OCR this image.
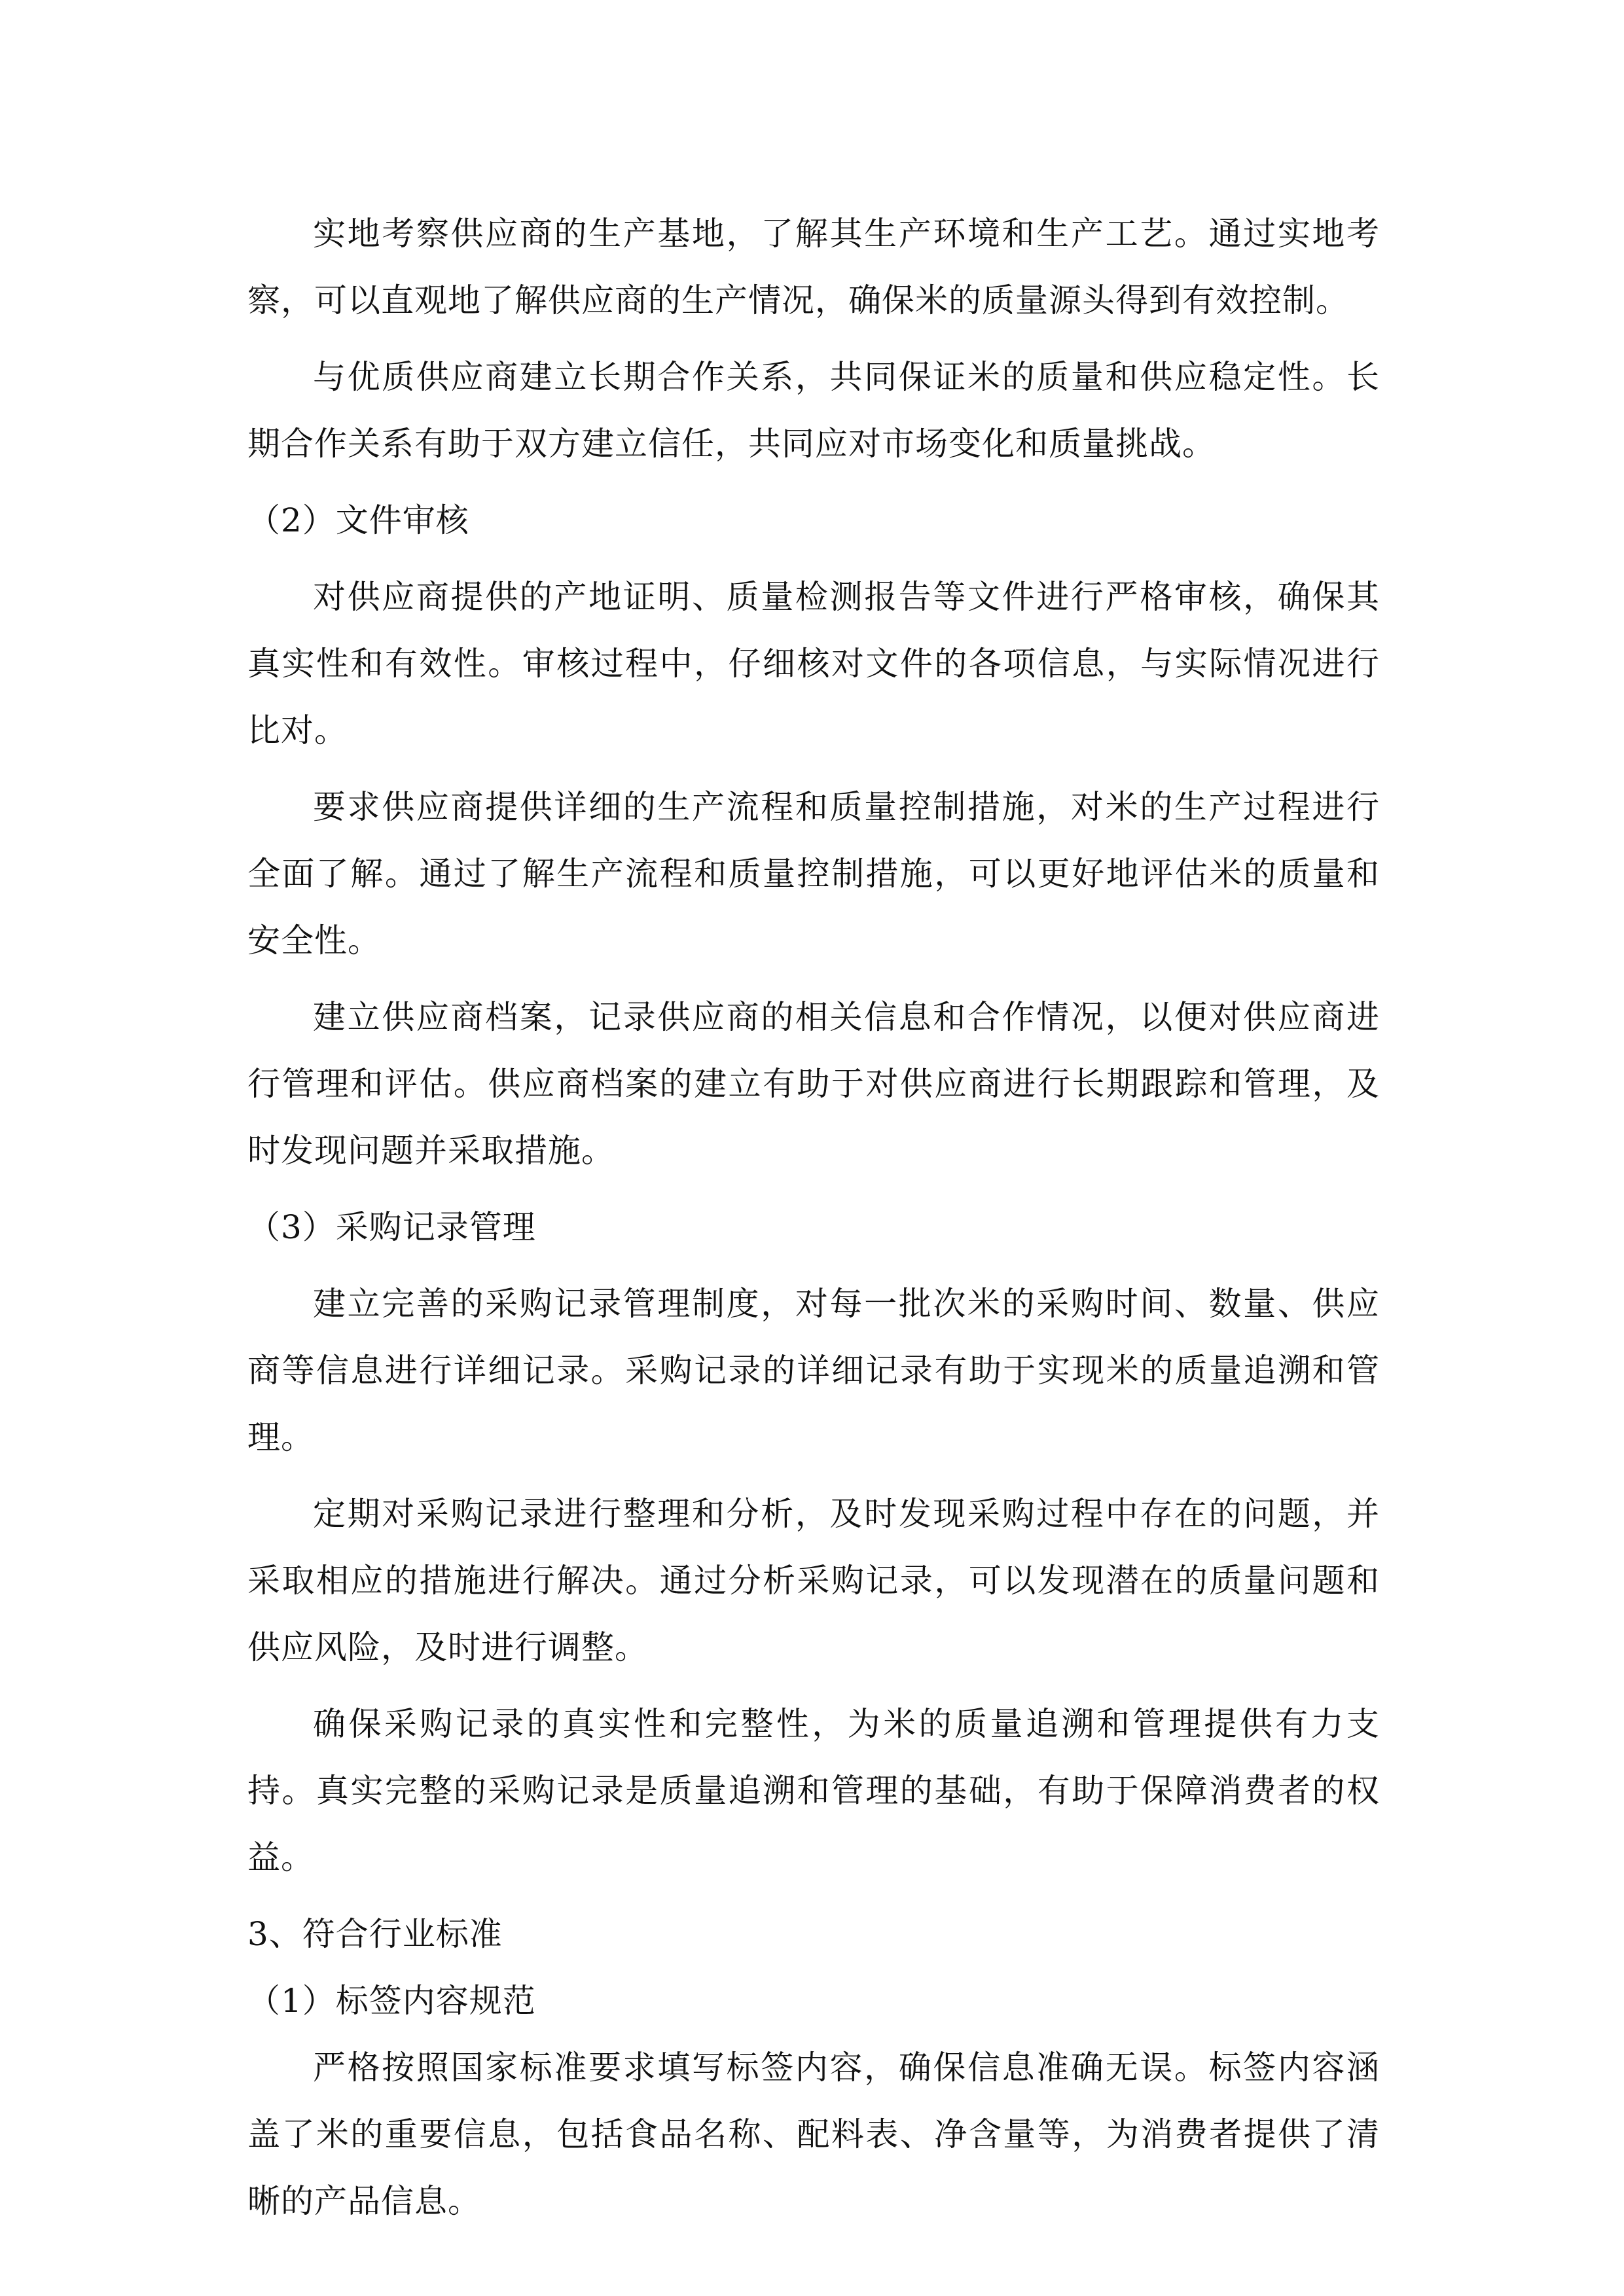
实地考察供应商的生产基地，了解其生产环境和生产工艺。通过实地考察，可以直观地了解供应商的生产情况，确保米的质量源头得到有效控制。

与优质供应商建立长期合作关系，共同保证米的质量和供应稳定性。长期合作关系有助于双方建立信任，共同应对市场变化和质量挑战。

（2）文件审核

对供应商提供的产地证明、质量检测报告等文件进行严格审核，确保其真实性和有效性。审核过程中，仔细核对文件的各项信息，与实际情况进行比对。

要求供应商提供详细的生产流程和质量控制措施，对米的生产过程进行全面了解。通过了解生产流程和质量控制措施，可以更好地评估米的质量和安全性。

建立供应商档案，记录供应商的相关信息和合作情况，以便对供应商进行管理和评估。供应商档案的建立有助于对供应商进行长期跟踪和管理，及时发现问题并采取措施。

（3）采购记录管理

建立完善的采购记录管理制度，对每一批次米的采购时间、数量、供应商等信息进行详细记录。采购记录的详细记录有助于实现米的质量追溯和管理。

定期对采购记录进行整理和分析，及时发现采购过程中存在的问题，并采取相应的措施进行解决。通过分析采购记录，可以发现潜在的质量问题和供应风险，及时进行调整。

确保采购记录的真实性和完整性，为米的质量追溯和管理提供有力支持。真实完整的采购记录是质量追溯和管理的基础，有助于保障消费者的权益。

3、符合行业标准

（1）标签内容规范

严格按照国家标准要求填写标签内容，确保信息准确无误。标签内容涵盖了米的重要信息，包括食品名称、配料表、净含量等，为消费者提供了清晰的产品信息。
